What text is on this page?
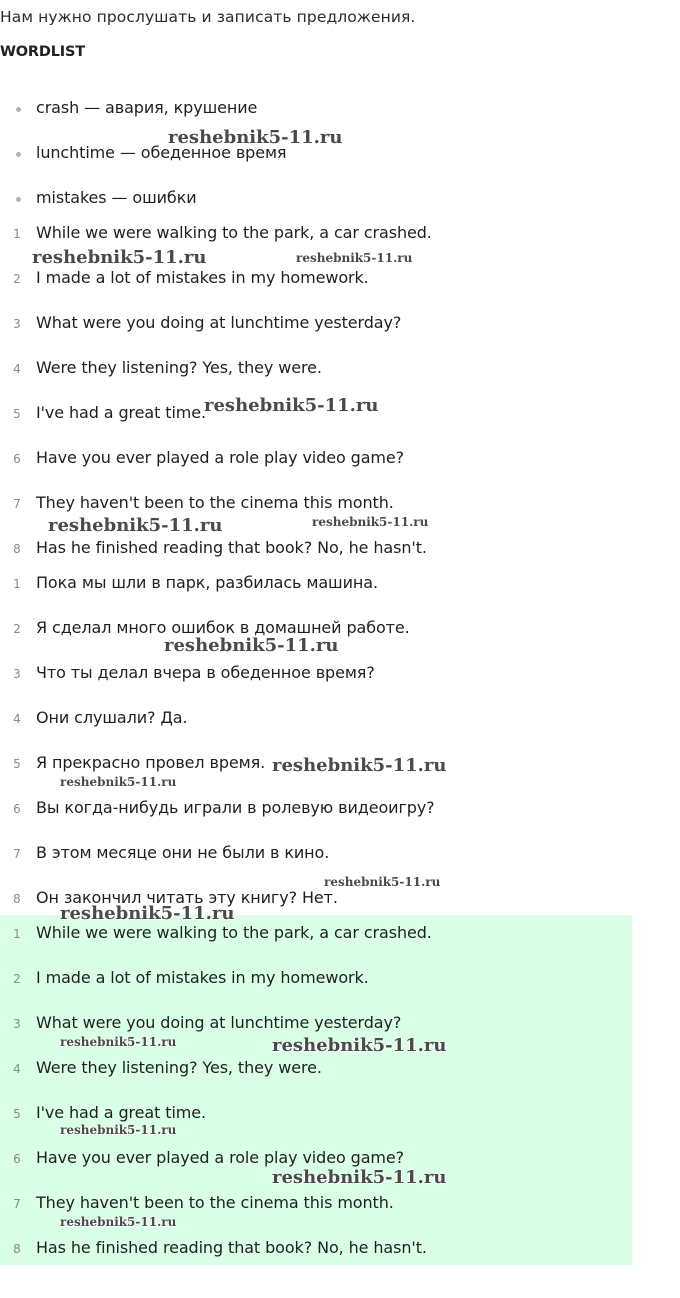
Нам нужно прослушать и записать предложения.
WORDLIST
crash — авария, крушение
lunchtime — обеденное время
mistakes — ошибки
1 While we were walking to the park, a car crashed.
2 I made a lot of mistakes in my homework.
3 What were you doing at lunchtime yesterday?
4 Were they listening? Yes, they were.
5 I've had a great time.
6 Have you ever played a role play video game?
7 They haven't been to the cinema this month.
8 Has he finished reading that book? No, he hasn't.
1 Пока мы шли в парк, разбилась машина.
2 Я сделал много ошибок в домашней работе.
3 Что ты делал вчера в обеденное время?
4 Они слушали? Да.
5 Я прекрасно провел время.
6 Вы когда-нибудь играли в ролевую видеоигру?
7 В этом месяце они не были в кино.
8 Он закончил читать эту книгу? Нет.
1 While we were walking to the park, a car crashed.
2 I made a lot of mistakes in my homework.
3 What were you doing at lunchtime yesterday?
4 Were they listening? Yes, they were.
5 I've had a great time.
6 Have you ever played a role play video game?
7 They haven't been to the cinema this month.
8 Has he finished reading that book? No, he hasn't.
reshebnik5-11.ru
reshebnik5-11.ru	reshebnik5-11.ru
reshebnik5-11.ru
reshebnik5-11.ru	reshebnik5-11.ru
reshebnik5-11.ru
reshebnik5-11.ru
reshebnik5-11.ru
reshebnik5-11.ru
reshebnik5-11.ru
reshebnik5-11.ru	reshebnik5-11.ru
reshebnik5-11.ru
reshebnik5-11.ru
reshebnik5-11.ru
